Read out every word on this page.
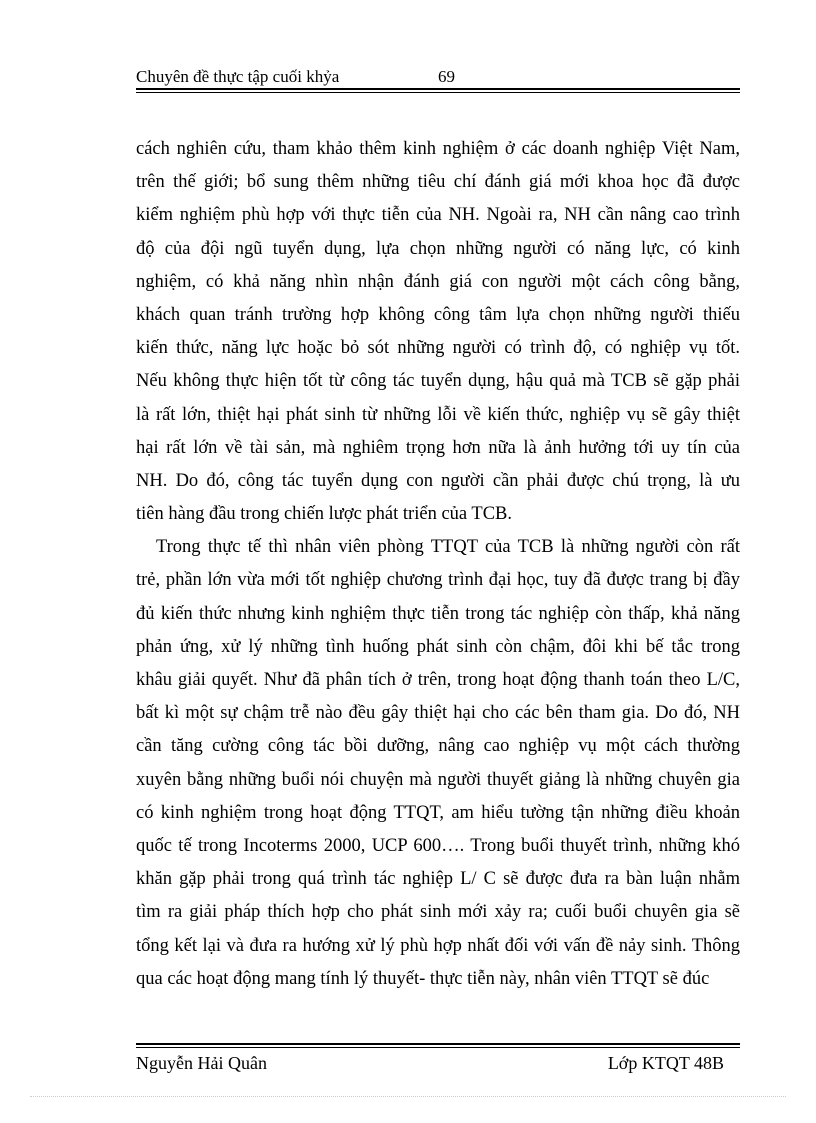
Chuyên đề thực tập cuối khỷa	69
cách nghiên cứu, tham khảo thêm kinh nghiệm ở các doanh nghiệp Việt Nam,
trên thế giới; bổ sung thêm những tiêu chí đánh giá mới khoa học đã được
kiểm nghiệm phù hợp với thực tiễn của NH. Ngoài ra, NH cần nâng cao trình
độ của đội ngũ tuyển dụng, lựa chọn những người có năng lực, có kinh
nghiệm, có khả năng nhìn nhận đánh giá con người một cách công bằng,
khách quan tránh trường hợp không công tâm lựa chọn những người thiếu
kiến thức, năng lực hoặc bỏ sót những người có trình độ, có nghiệp vụ tốt.
Nếu không thực hiện tốt từ công tác tuyển dụng, hậu quả mà TCB sẽ gặp phải
là rất lớn, thiệt hại phát sinh từ những lỗi về kiến thức, nghiệp vụ sẽ gây thiệt
hại rất lớn về tài sản, mà nghiêm trọng hơn nữa là ảnh hưởng tới uy tín của
NH. Do đó, công tác tuyển dụng con người cần phải được chú trọng, là ưu
tiên hàng đầu trong chiến lược phát triển của TCB.
Trong thực tế thì nhân viên phòng TTQT của TCB là những người còn rất
trẻ, phần lớn vừa mới tốt nghiệp chương trình đại học, tuy đã được trang bị đầy
đủ kiến thức nhưng kinh nghiệm thực tiễn trong tác nghiệp còn thấp, khả năng
phản ứng, xử lý những tình huống phát sinh còn chậm, đôi khi bế tắc trong
khâu giải quyết. Như đã phân tích ở trên, trong hoạt động thanh toán theo L/C,
bất kì một sự chậm trễ nào đều gây thiệt hại cho các bên tham gia. Do đó, NH
cần tăng cường công tác bồi dưỡng, nâng cao nghiệp vụ một cách thường
xuyên bằng những buổi nói chuyện mà người thuyết giảng là những chuyên gia
có kinh nghiệm trong hoạt động TTQT, am hiểu tường tận những điều khoản
quốc tế trong Incoterms 2000, UCP 600…. Trong buổi thuyết trình, những khó
khăn gặp phải trong quá trình tác nghiệp L/ C sẽ được đưa ra bàn luận nhằm
tìm ra giải pháp thích hợp cho phát sinh mới xảy ra; cuối buổi chuyên gia sẽ
tổng kết lại và đưa ra hướng xử lý phù hợp nhất đối với vấn đề nảy sinh. Thông
qua các hoạt động mang tính lý thuyết- thực tiễn này, nhân viên TTQT sẽ đúc
Nguyễn Hải Quân	Lớp KTQT 48B
